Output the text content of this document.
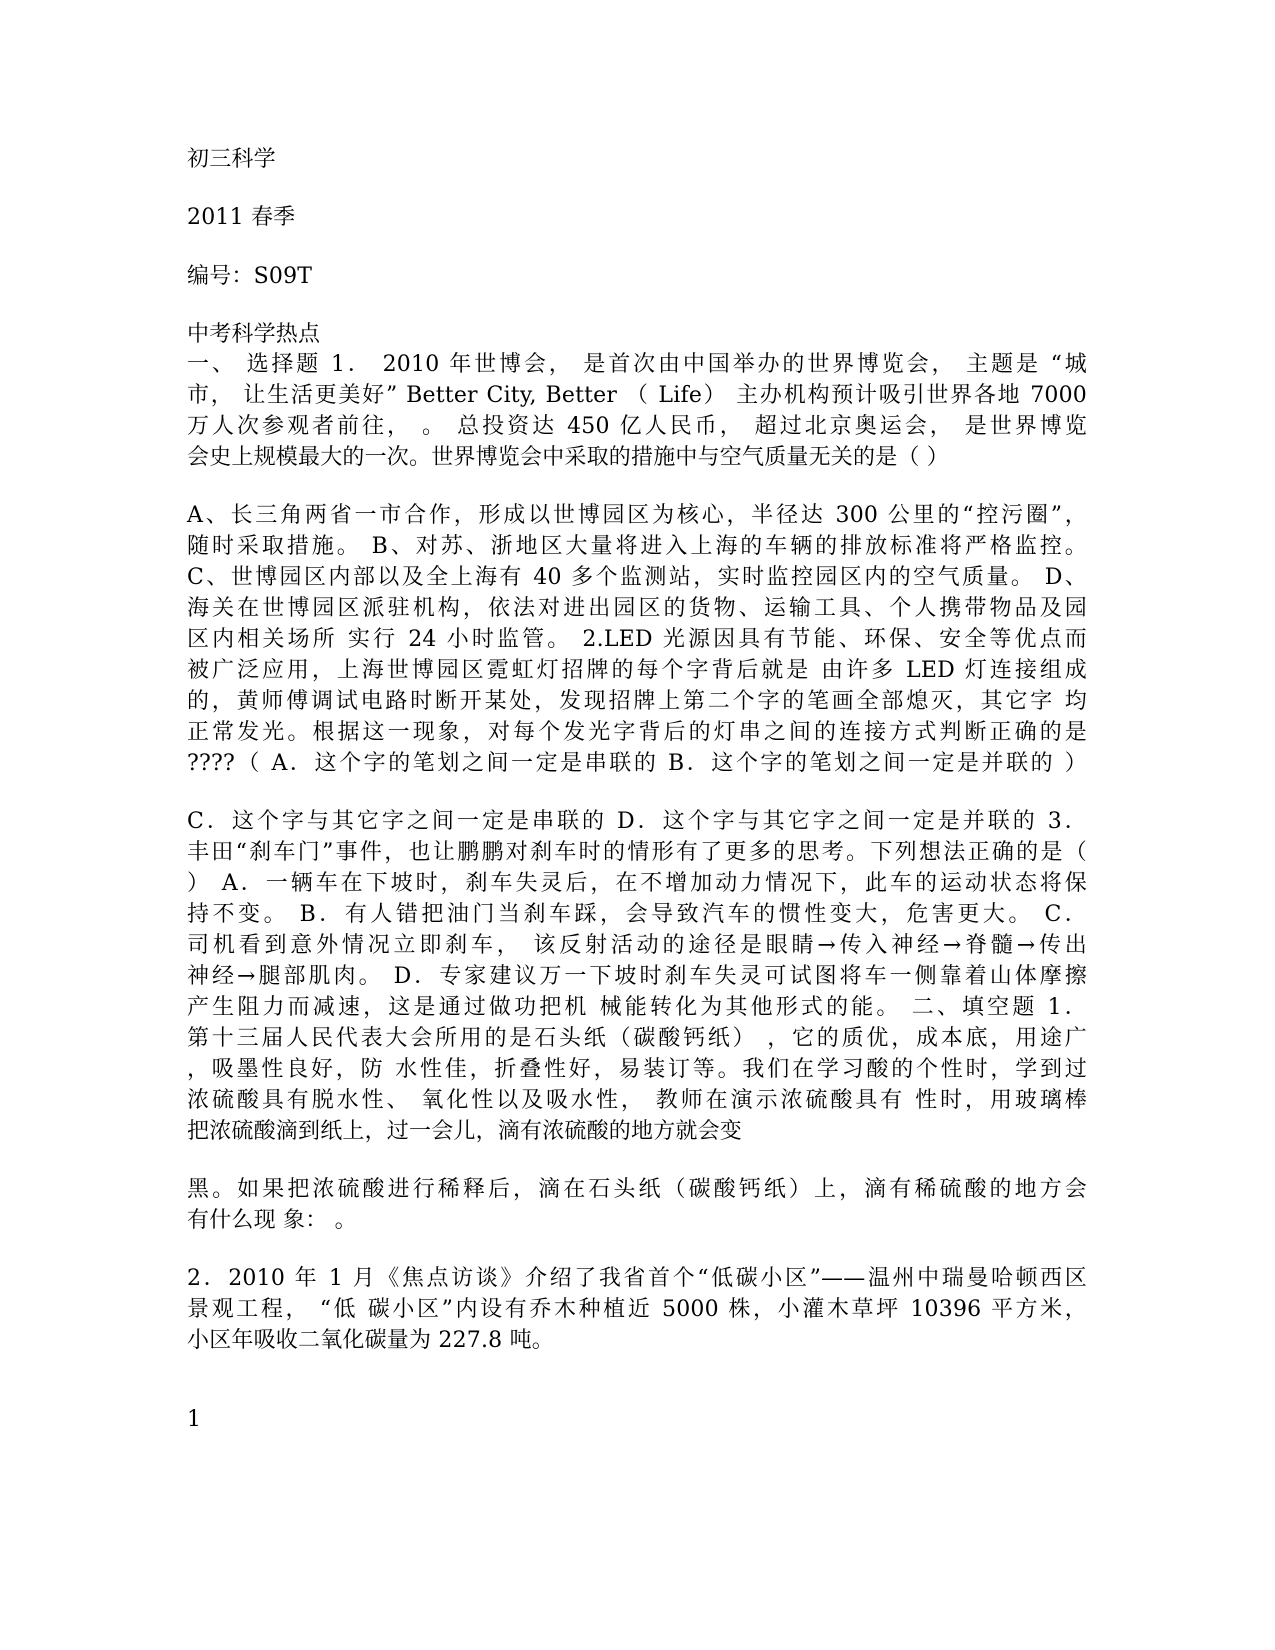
初三科学
2011 春季
编号：S09T
中考科学热点
一、 选择题 1． 2010 年世博会， 是首次由中国举办的世界博览会， 主题是 “城
市， 让生活更美好” Better City, Better （ Life） 主办机构预计吸引世界各地 7000
万人次参观者前往， 。 总投资达 450 亿人民币， 超过北京奥运会， 是世界博览
会史上规模最大的一次。世界博览会中采取的措施中与空气质量无关的是（ ）
A、长三角两省一市合作，形成以世博园区为核心，半径达 300 公里的“控污圈”，
随时采取措施。 B、对苏、浙地区大量将进入上海的车辆的排放标准将严格监控。
C、世博园区内部以及全上海有 40 多个监测站，实时监控园区内的空气质量。 D、
海关在世博园区派驻机构，依法对进出园区的货物、运输工具、个人携带物品及园
区内相关场所 实行 24 小时监管。 2.LED 光源因具有节能、环保、安全等优点而
被广泛应用，上海世博园区霓虹灯招牌的每个字背后就是 由许多 LED 灯连接组成
的，黄师傅调试电路时断开某处，发现招牌上第二个字的笔画全部熄灭，其它字 均
正常发光。根据这一现象，对每个发光字背后的灯串之间的连接方式判断正确的是
????（ A．这个字的笔划之间一定是串联的 B．这个字的笔划之间一定是并联的 ）
C．这个字与其它字之间一定是串联的 D．这个字与其它字之间一定是并联的 3．
丰田“刹车门”事件，也让鹏鹏对刹车时的情形有了更多的思考。下列想法正确的是（
） A．一辆车在下坡时，刹车失灵后，在不增加动力情况下，此车的运动状态将保
持不变。 B．有人错把油门当刹车踩，会导致汽车的惯性变大，危害更大。 C．
司机看到意外情况立即刹车， 该反射活动的途径是眼睛→传入神经→脊髓→传出
神经→腿部肌肉。 D．专家建议万一下坡时刹车失灵可试图将车一侧靠着山体摩擦
产生阻力而减速，这是通过做功把机 械能转化为其他形式的能。 二、填空题 1．
第十三届人民代表大会所用的是石头纸（碳酸钙纸） ，它的质优，成本底，用途广
，吸墨性良好，防 水性佳，折叠性好，易装订等。我们在学习酸的个性时，学到过
浓硫酸具有脱水性、 氧化性以及吸水性， 教师在演示浓硫酸具有 性时，用玻璃棒
把浓硫酸滴到纸上，过一会儿，滴有浓硫酸的地方就会变
黑。如果把浓硫酸进行稀释后，滴在石头纸（碳酸钙纸）上，滴有稀硫酸的地方会
有什么现 象： 。
2．2010 年 1 月《焦点访谈》介绍了我省首个“低碳小区”——温州中瑞曼哈顿西区
景观工程， “低 碳小区”内设有乔木种植近 5000 株，小灌木草坪 10396 平方米，
小区年吸收二氧化碳量为 227.8 吨。
1
